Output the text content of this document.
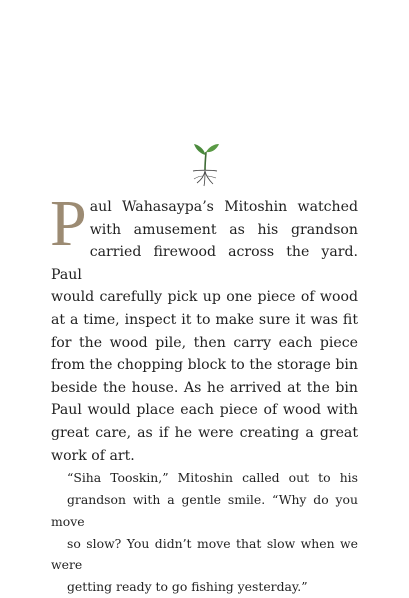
P aul Wahasaypa’s Mitoshin watched
with amusement as his grandson
carried firewood across the yard. Paul
would carefully pick up one piece of wood
at a time, inspect it to make sure it was fit
for the wood pile, then carry each piece
from the chopping block to the storage bin
beside the house. As he arrived at the bin
Paul would place each piece of wood with
great care, as if he were creating a great
work of art.

“Siha Tooskin,” Mitoshin called out to his
grandson with a gentle smile. “Why do you move
so slow? You didn’t move that slow when we were
getting ready to go fishing yesterday.”
